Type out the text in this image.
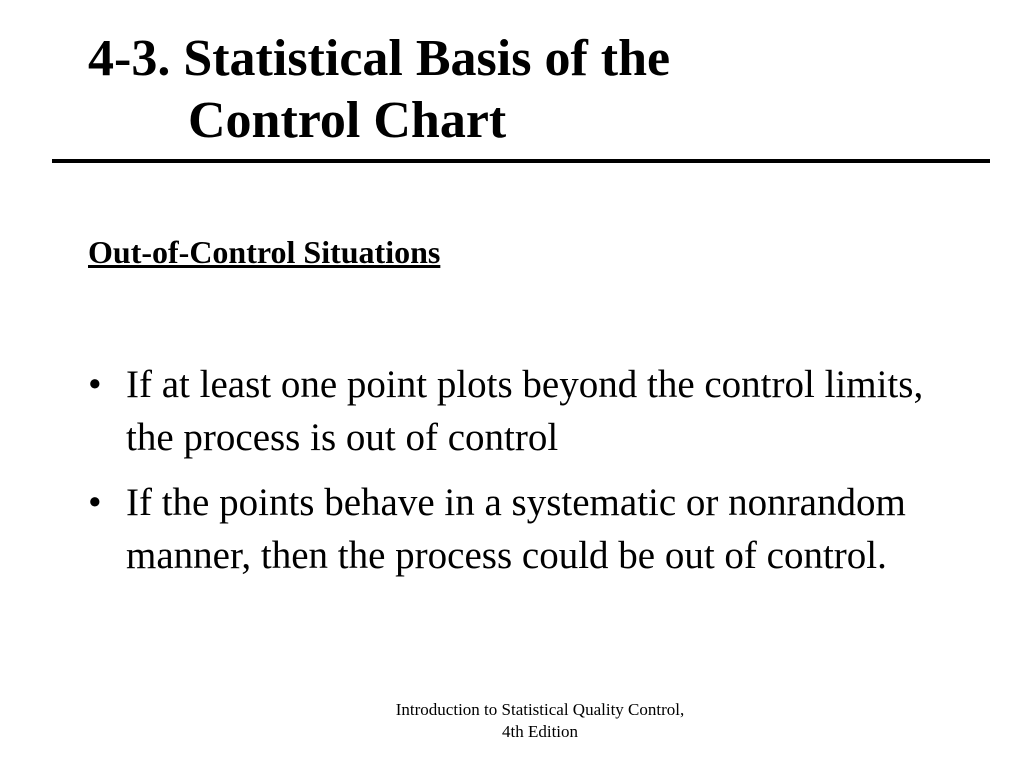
4-3. Statistical Basis of the
Control Chart
Out-of-Control Situations
• If at least one point plots beyond the control limits, the process is out of control
• If the points behave in a systematic or nonrandom manner, then the process could be out of control.
Introduction to Statistical Quality Control,
4th Edition
